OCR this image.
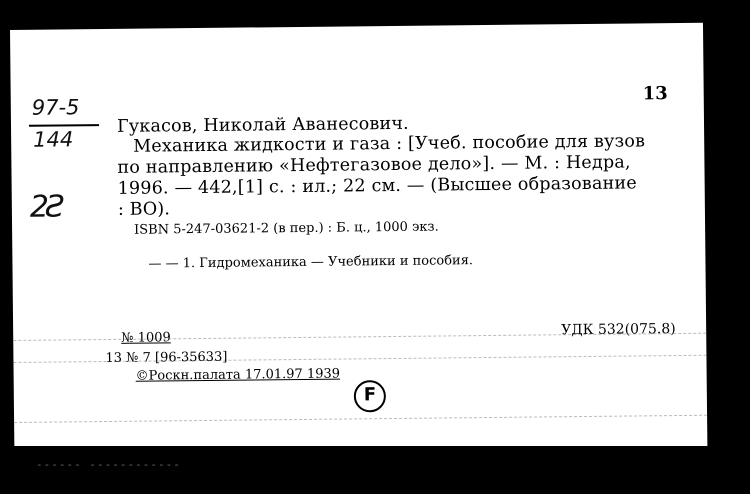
97-5
144
2Ƨ
13
Гукасов, Николай Аванесович.
Механика жидкости и газа : [Учеб. пособие для вузов
по направлению «Нефтегазовое дело»]. — М. : Недра,
1996. — 442,[1] с. : ил.; 22 см. — (Высшее образование
: ВО).
ISBN 5-247-03621-2 (в пер.) : Б. ц., 1000 экз.
— — 1. Гидромеханика — Учебники и пособия.
№ 1009	УДК 532(075.8)
13 № 7 [96-35633]
©Роскн.палата 17.01.97 1939
F
------ ------------
